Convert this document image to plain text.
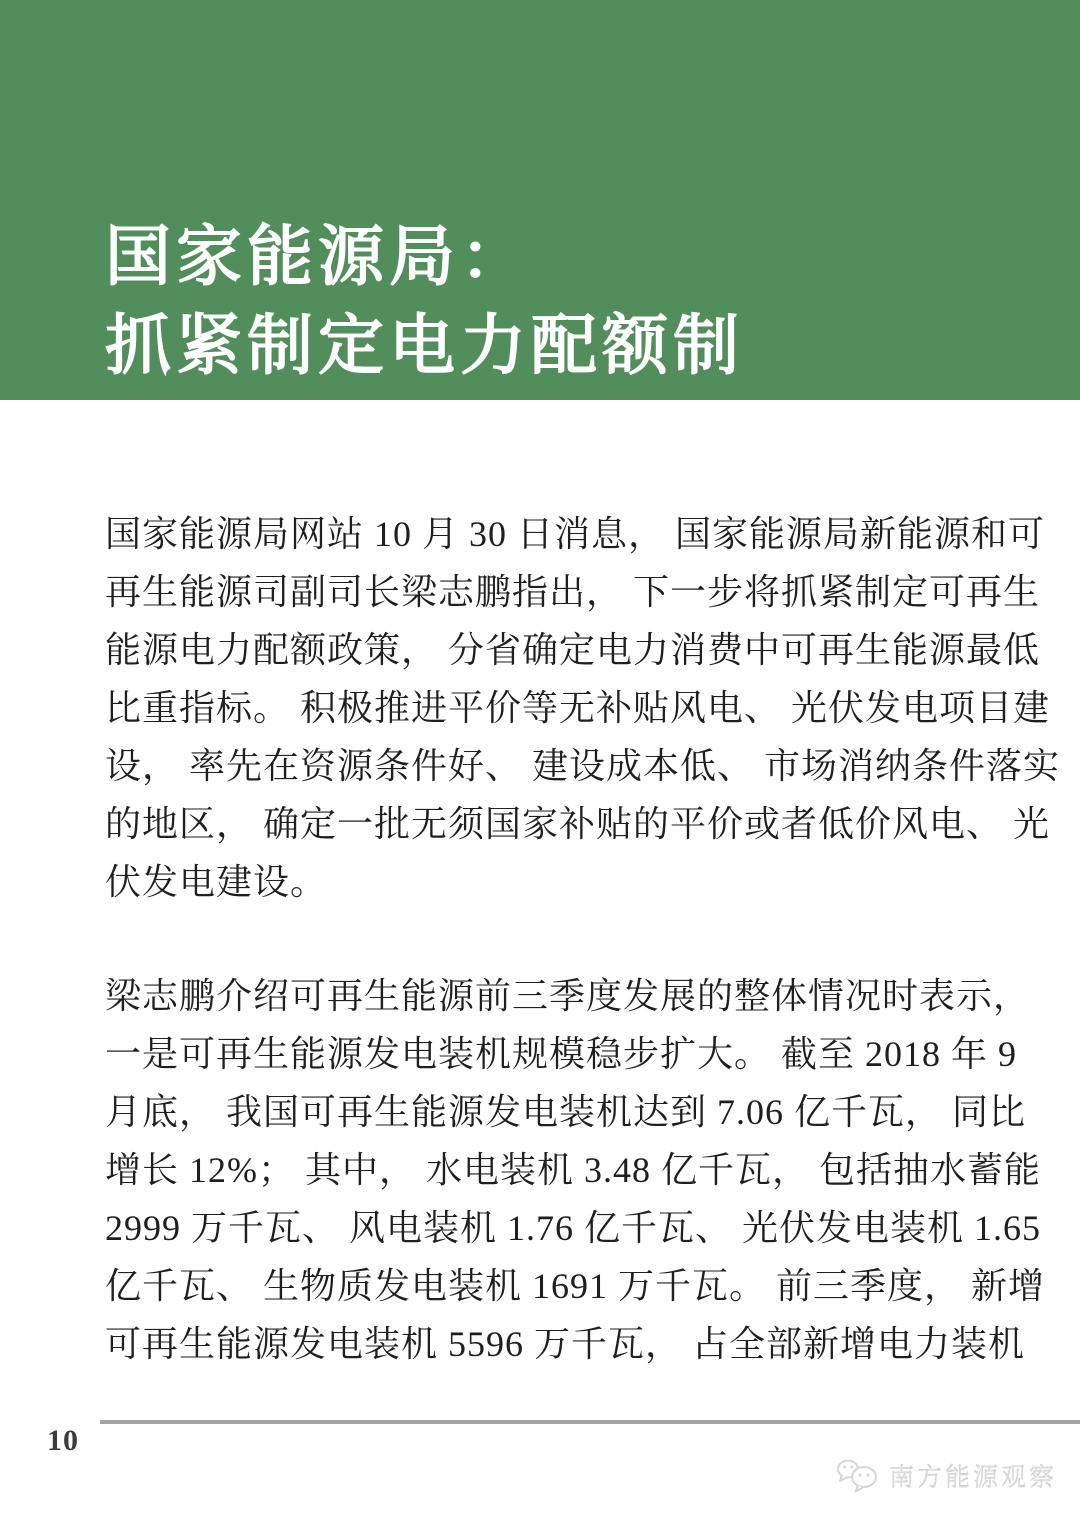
国家能源局：
抓紧制定电力配额制
国家能源局网站 10 月 30 日消息， 国家能源局新能源和可
再生能源司副司长梁志鹏指出， 下一步将抓紧制定可再生
能源电力配额政策， 分省确定电力消费中可再生能源最低
比重指标。 积极推进平价等无补贴风电、 光伏发电项目建
设， 率先在资源条件好、 建设成本低、 市场消纳条件落实
的地区， 确定一批无须国家补贴的平价或者低价风电、 光
伏发电建设。
梁志鹏介绍可再生能源前三季度发展的整体情况时表示，
一是可再生能源发电装机规模稳步扩大。 截至 2018 年 9
月底， 我国可再生能源发电装机达到 7.06 亿千瓦， 同比
增长 12%； 其中， 水电装机 3.48 亿千瓦， 包括抽水蓄能
2999 万千瓦、 风电装机 1.76 亿千瓦、 光伏发电装机 1.65
亿千瓦、 生物质发电装机 1691 万千瓦。 前三季度， 新增
可再生能源发电装机 5596 万千瓦， 占全部新增电力装机
10
南方能源观察
